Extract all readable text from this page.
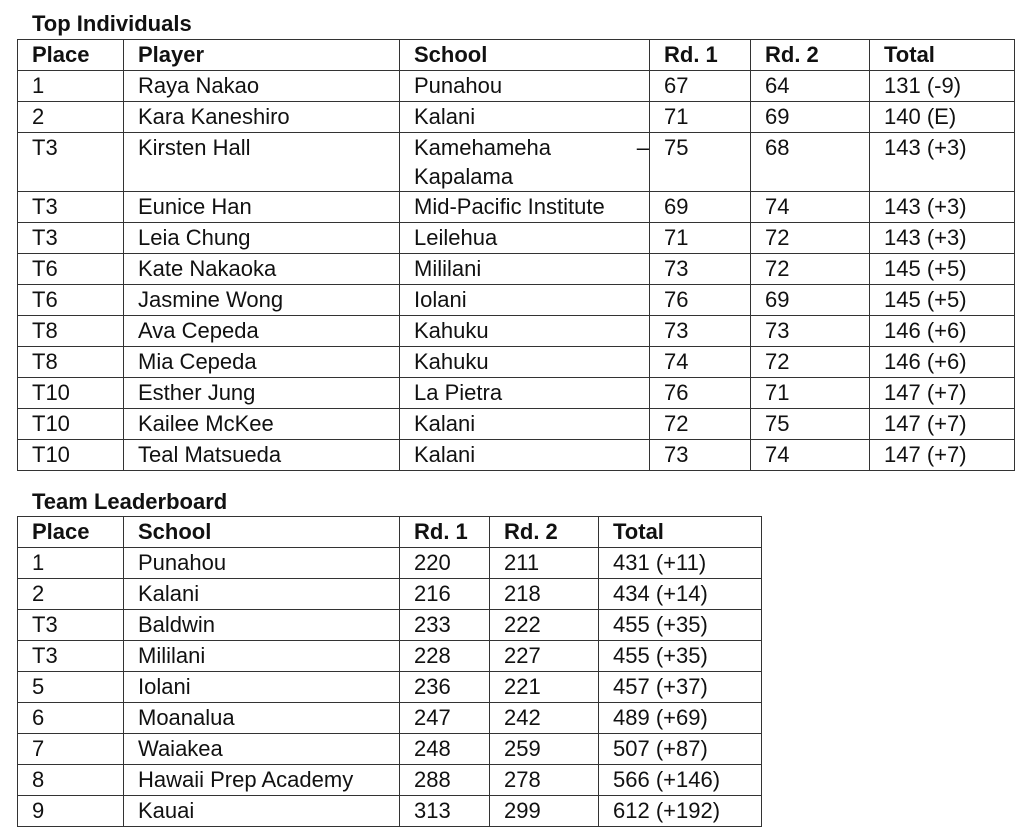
Top Individuals
Place	Player	School	Rd. 1	Rd. 2	Total
1	Raya Nakao	Punahou	67	64	131 (-9)
2	Kara Kaneshiro	Kalani	71	69	140 (E)
T3	Kirsten Hall	Kamehameha – Kapalama	75	68	143 (+3)
T3	Eunice Han	Mid-Pacific Institute	69	74	143 (+3)
T3	Leia Chung	Leilehua	71	72	143 (+3)
T6	Kate Nakaoka	Mililani	73	72	145 (+5)
T6	Jasmine Wong	Iolani	76	69	145 (+5)
T8	Ava Cepeda	Kahuku	73	73	146 (+6)
T8	Mia Cepeda	Kahuku	74	72	146 (+6)
T10	Esther Jung	La Pietra	76	71	147 (+7)
T10	Kailee McKee	Kalani	72	75	147 (+7)
T10	Teal Matsueda	Kalani	73	74	147 (+7)
Team Leaderboard
Place	School	Rd. 1	Rd. 2	Total
1	Punahou	220	211	431 (+11)
2	Kalani	216	218	434 (+14)
T3	Baldwin	233	222	455 (+35)
T3	Mililani	228	227	455 (+35)
5	Iolani	236	221	457 (+37)
6	Moanalua	247	242	489 (+69)
7	Waiakea	248	259	507 (+87)
8	Hawaii Prep Academy	288	278	566 (+146)
9	Kauai	313	299	612 (+192)
